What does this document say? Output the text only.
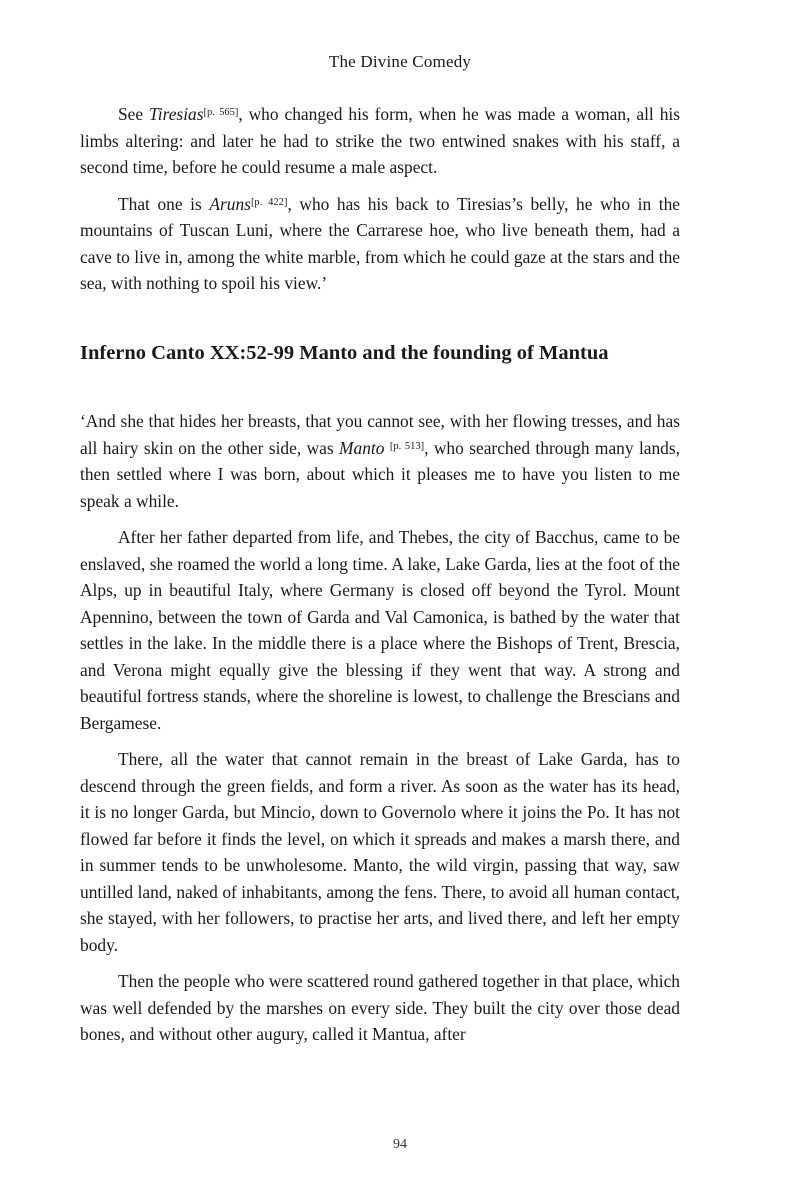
The Divine Comedy

See Tiresias[p. 565], who changed his form, when he was made a woman, all his limbs altering: and later he had to strike the two entwined snakes with his staff, a second time, before he could resume a male aspect.

That one is Aruns[p. 422], who has his back to Tiresias’s belly, he who in the mountains of Tuscan Luni, where the Carrarese hoe, who live beneath them, had a cave to live in, among the white marble, from which he could gaze at the stars and the sea, with nothing to spoil his view.’

Inferno Canto XX:52-99 Manto and the founding of Mantua

‘And she that hides her breasts, that you cannot see, with her flowing tresses, and has all hairy skin on the other side, was Manto [p. 513], who searched through many lands, then settled where I was born, about which it pleases me to have you listen to me speak a while.

After her father departed from life, and Thebes, the city of Bacchus, came to be enslaved, she roamed the world a long time. A lake, Lake Garda, lies at the foot of the Alps, up in beautiful Italy, where Germany is closed off beyond the Tyrol. Mount Apennino, between the town of Garda and Val Camonica, is bathed by the water that settles in the lake. In the middle there is a place where the Bishops of Trent, Brescia, and Verona might equally give the blessing if they went that way. A strong and beautiful fortress stands, where the shoreline is lowest, to challenge the Brescians and Bergamese.

There, all the water that cannot remain in the breast of Lake Garda, has to descend through the green fields, and form a river. As soon as the water has its head, it is no longer Garda, but Mincio, down to Governolo where it joins the Po. It has not flowed far before it finds the level, on which it spreads and makes a marsh there, and in summer tends to be unwholesome. Manto, the wild virgin, passing that way, saw untilled land, naked of inhabitants, among the fens. There, to avoid all human contact, she stayed, with her followers, to practise her arts, and lived there, and left her empty body.

Then the people who were scattered round gathered together in that place, which was well defended by the marshes on every side. They built the city over those dead bones, and without other augury, called it Mantua, after

94
